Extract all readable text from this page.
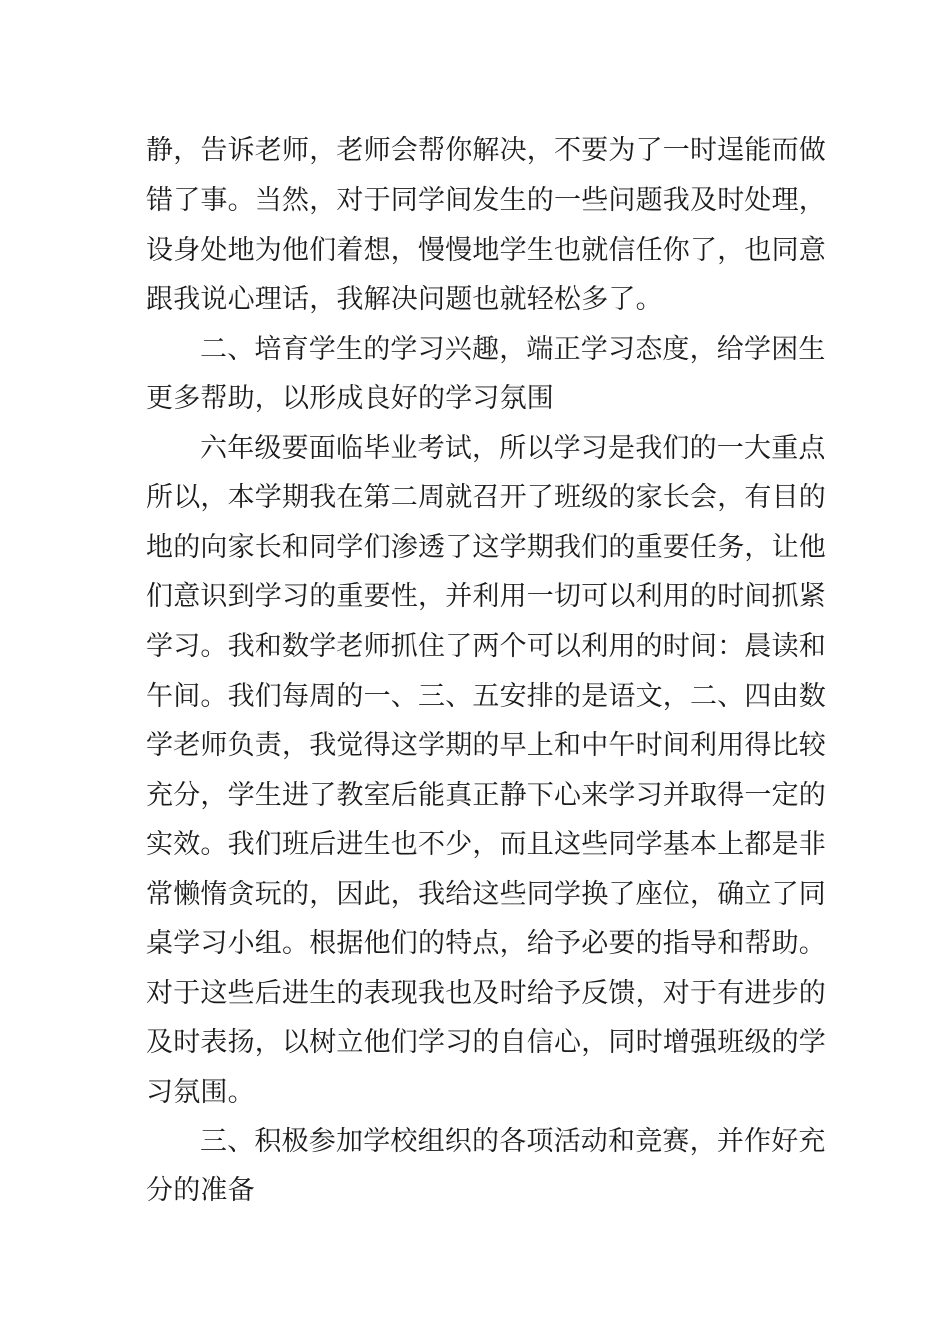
静，告诉老师，老师会帮你解决，不要为了一时逞能而做
错了事。当然，对于同学间发生的一些问题我及时处理，
设身处地为他们着想，慢慢地学生也就信任你了，也同意
跟我说心理话，我解决问题也就轻松多了。
二、培育学生的学习兴趣，端正学习态度，给学困生
更多帮助，以形成良好的学习氛围
六年级要面临毕业考试，所以学习是我们的一大重点
所以，本学期我在第二周就召开了班级的家长会，有目的
地的向家长和同学们渗透了这学期我们的重要任务，让他
们意识到学习的重要性，并利用一切可以利用的时间抓紧
学习。我和数学老师抓住了两个可以利用的时间：晨读和
午间。我们每周的一、三、五安排的是语文，二、四由数
学老师负责，我觉得这学期的早上和中午时间利用得比较
充分，学生进了教室后能真正静下心来学习并取得一定的
实效。我们班后进生也不少，而且这些同学基本上都是非
常懒惰贪玩的，因此，我给这些同学换了座位，确立了同
桌学习小组。根据他们的特点，给予必要的指导和帮助。
对于这些后进生的表现我也及时给予反馈，对于有进步的
及时表扬，以树立他们学习的自信心，同时增强班级的学
习氛围。
三、积极参加学校组织的各项活动和竞赛，并作好充
分的准备
